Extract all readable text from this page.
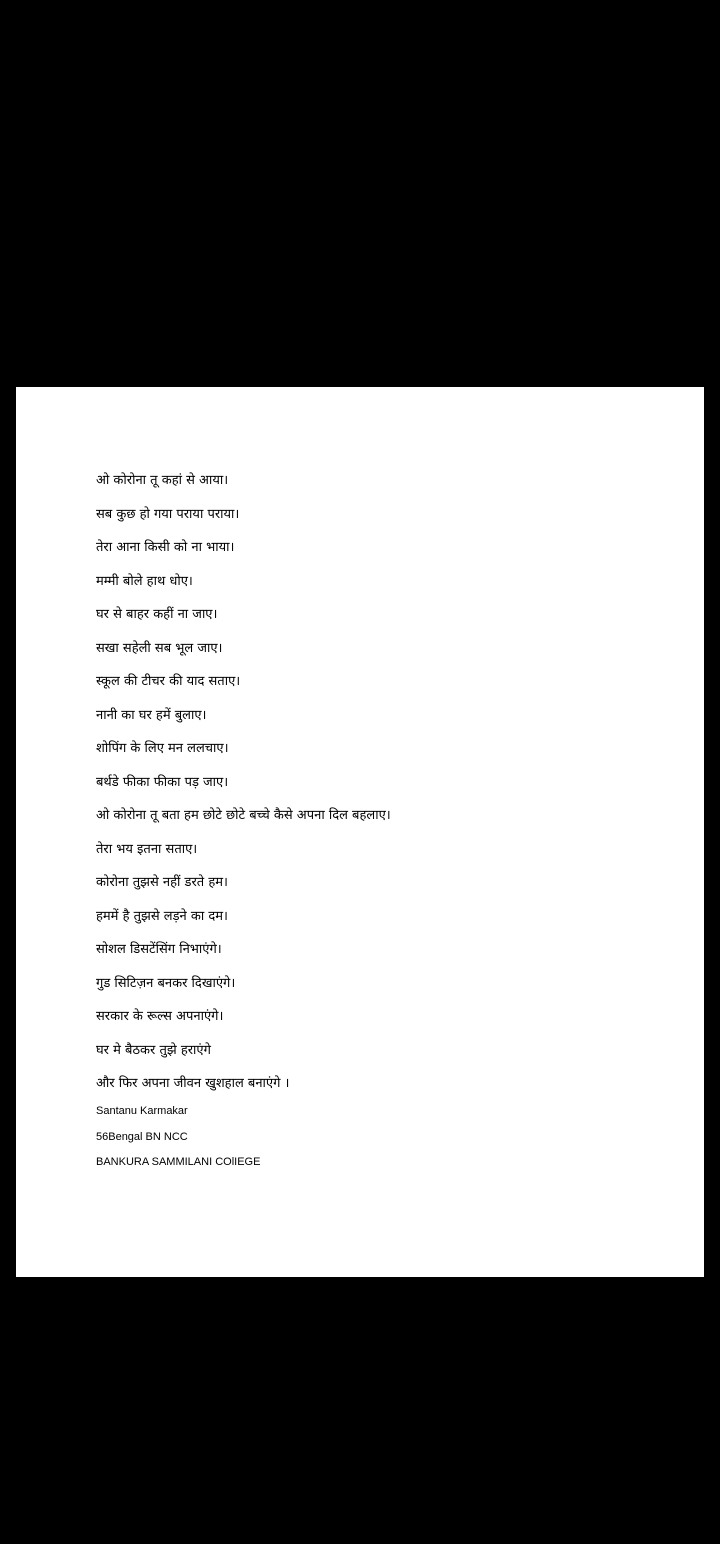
ओ कोरोना तू कहां से आया।
सब कुछ हो गया पराया पराया।
तेरा आना किसी को ना भाया।
मम्मी बोले हाथ धोए।
घर से बाहर कहीं ना जाए।
सखा सहेली सब भूल जाए।
स्कूल की टीचर की याद सताए।
नानी का घर हमें बुलाए।
शोपिंग के लिए मन ललचाए।
बर्थडे फीका फीका पड़ जाए।
ओ कोरोना तू बता हम छोटे छोटे बच्चे कैसे अपना दिल बहलाए।
तेरा भय इतना सताए।
कोरोना तुझसे नहीं डरते हम।
हममें है तुझसे लड़ने का दम।
सोशल डिसटेंसिंग निभाएंगे।
गुड सिटिज़न बनकर दिखाएंगे।
सरकार के रूल्स अपनाएंगे।
घर मे बैठकर तुझे हराएंगे
और फिर अपना जीवन खुशहाल बनाएंगे ।
Santanu Karmakar
56Bengal BN NCC
BANKURA SAMMILANI COlIEGE
